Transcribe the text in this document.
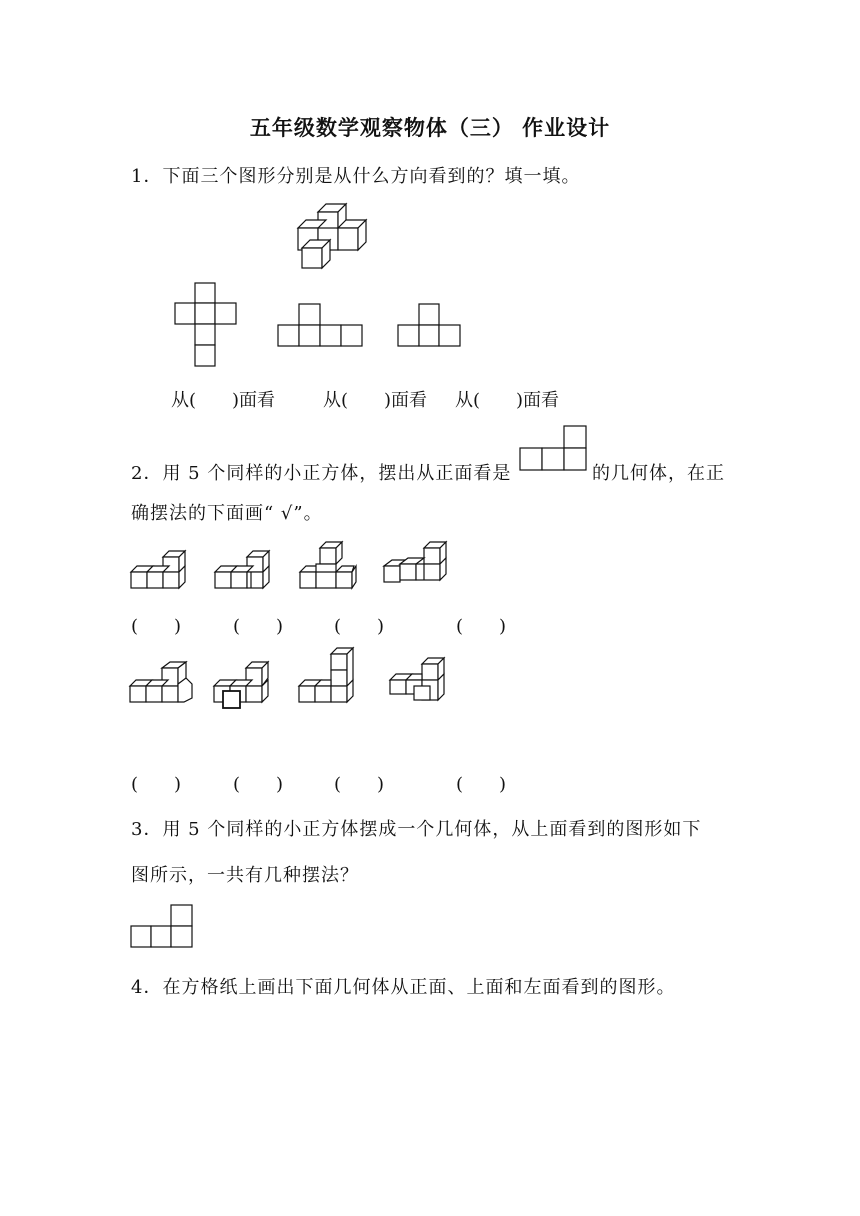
五年级数学观察物体（三） 作业设计
1．下面三个图形分别是从什么方向看到的？填一填。
从(　　)面看	从(　　)面看 从(　　)面看
2．用 5 个同样的小正方体，摆出从正面看是	的几何体，在正
确摆法的下面画“ √”。
(　　)	(　　)	(　　)	(　　)
(　　)	(　　)	(　　)	(　　)
3．用 5 个同样的小正方体摆成一个几何体，从上面看到的图形如下
图所示，一共有几种摆法？
4．在方格纸上画出下面几何体从正面、上面和左面看到的图形。
